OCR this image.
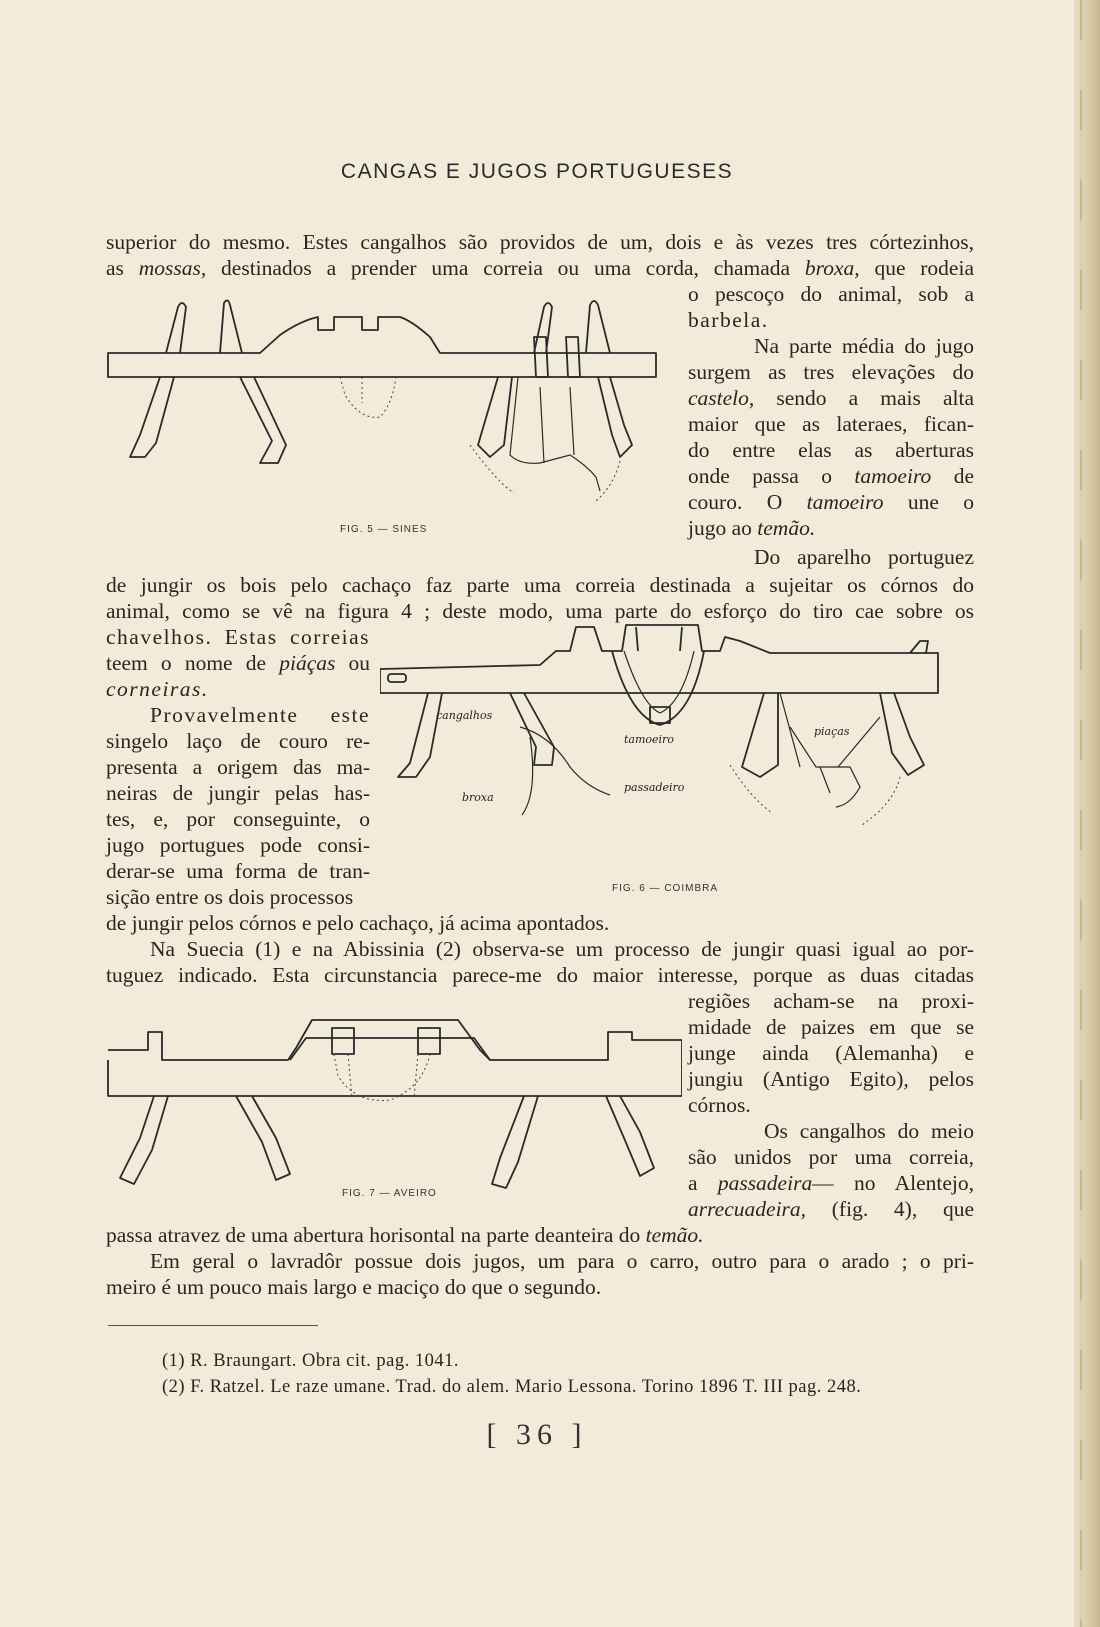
CANGAS E JUGOS PORTUGUESES
superior do mesmo. Estes cangalhos são providos de um, dois e às vezes tres córtezinhos,
as mossas, destinados a prender uma correia ou uma corda, chamada broxa, que rodeia
o pescoço do animal, sob a
barbela.
Na parte média do jugo
surgem as tres elevações do
castelo, sendo a mais alta
maior que as lateraes, fican-
do entre elas as aberturas
onde passa o tamoeiro de
couro. O tamoeiro une o
jugo ao temão.
Do aparelho portuguez
de jungir os bois pelo cachaço faz parte uma correia destinada a sujeitar os córnos do
animal, como se vê na figura 4 ; deste modo, uma parte do esforço do tiro cae sobre os
chavelhos. Estas correias
teem o nome de piáças ou
corneiras.
Provavelmente este
singelo laço de couro re-
presenta a origem das ma-
neiras de jungir pelas has-
tes, e, por conseguinte, o
jugo portugues pode consi-
derar-se uma forma de tran-
sição entre os dois processos
de jungir pelos córnos e pelo cachaço, já acima apontados.
Na Suecia (1) e na Abissinia (2) observa-se um processo de jungir quasi igual ao por-
tuguez indicado. Esta circunstancia parece-me do maior interesse, porque as duas citadas
regiões acham-se na proxi-
midade de paizes em que se
junge ainda (Alemanha) e
jungiu (Antigo Egito), pelos
córnos.
Os cangalhos do meio
são unidos por uma correia,
a passadeira— no Alentejo,
arrecuadeira, (fig. 4), que
passa atravez de uma abertura horisontal na parte deanteira do temão.
Em geral o lavradôr possue dois jugos, um para o carro, outro para o arado ; o pri-
meiro é um pouco mais largo e maciço do que o segundo.
FIG. 5 — SINES
cangalhos
tamoeiro
piaças
passadeiro
broxa
FIG. 6 — COIMBRA
FIG. 7 — AVEIRO
(1) R. Braungart. Obra cit. pag. 1041.
(2) F. Ratzel. Le raze umane. Trad. do alem. Mario Lessona. Torino 1896 T. III pag. 248.
[ 36 ]
